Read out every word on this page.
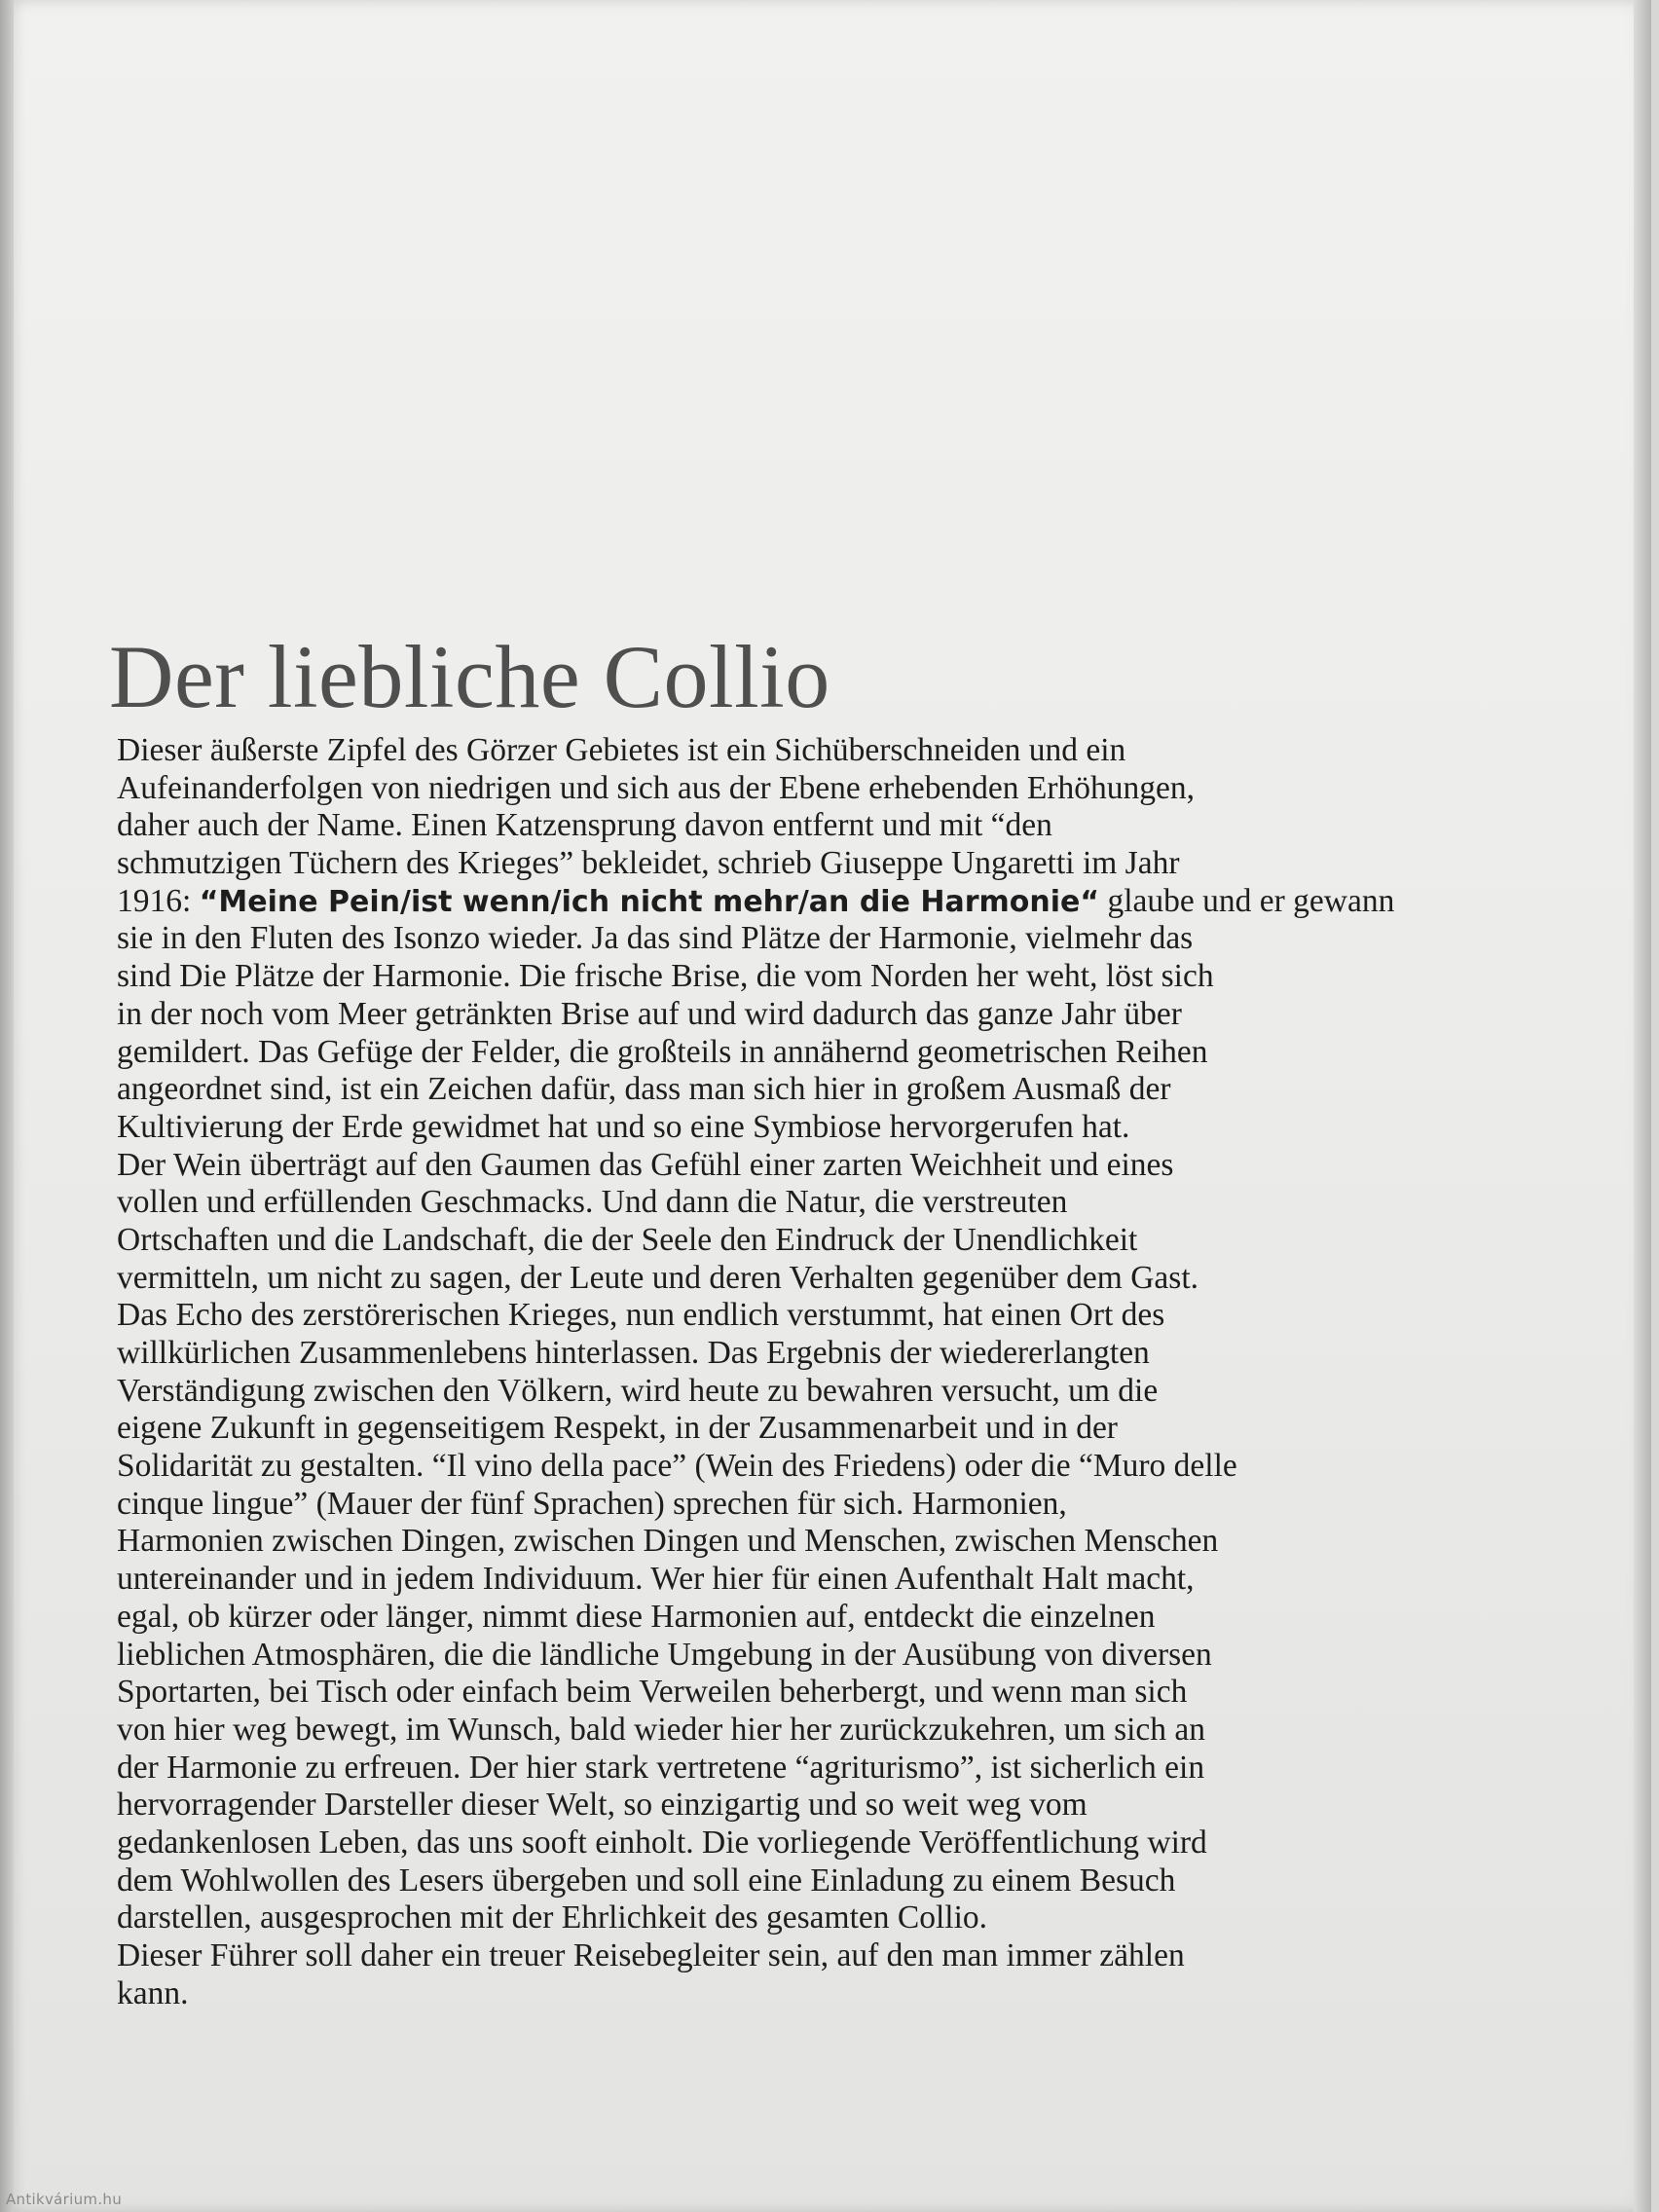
Der liebliche Collio
Dieser äußerste Zipfel des Görzer Gebietes ist ein Sichüberschneiden und ein
Aufeinanderfolgen von niedrigen und sich aus der Ebene erhebenden Erhöhungen,
daher auch der Name. Einen Katzensprung davon entfernt und mit “den
schmutzigen Tüchern des Krieges” bekleidet, schrieb Giuseppe Ungaretti im Jahr
1916: “Meine Pein/ist wenn/ich nicht mehr/an die Harmonie“ glaube und er gewann
sie in den Fluten des Isonzo wieder. Ja das sind Plätze der Harmonie, vielmehr das
sind Die Plätze der Harmonie. Die frische Brise, die vom Norden her weht, löst sich
in der noch vom Meer getränkten Brise auf und wird dadurch das ganze Jahr über
gemildert. Das Gefüge der Felder, die großteils in annähernd geometrischen Reihen
angeordnet sind, ist ein Zeichen dafür, dass man sich hier in großem Ausmaß der
Kultivierung der Erde gewidmet hat und so eine Symbiose hervorgerufen hat.
Der Wein überträgt auf den Gaumen das Gefühl einer zarten Weichheit und eines
vollen und erfüllenden Geschmacks. Und dann die Natur, die verstreuten
Ortschaften und die Landschaft, die der Seele den Eindruck der Unendlichkeit
vermitteln, um nicht zu sagen, der Leute und deren Verhalten gegenüber dem Gast.
Das Echo des zerstörerischen Krieges, nun endlich verstummt, hat einen Ort des
willkürlichen Zusammenlebens hinterlassen. Das Ergebnis der wiedererlangten
Verständigung zwischen den Völkern, wird heute zu bewahren versucht, um die
eigene Zukunft in gegenseitigem Respekt, in der Zusammenarbeit und in der
Solidarität zu gestalten. “Il vino della pace” (Wein des Friedens) oder die “Muro delle
cinque lingue” (Mauer der fünf Sprachen) sprechen für sich. Harmonien,
Harmonien zwischen Dingen, zwischen Dingen und Menschen, zwischen Menschen
untereinander und in jedem Individuum. Wer hier für einen Aufenthalt Halt macht,
egal, ob kürzer oder länger, nimmt diese Harmonien auf, entdeckt die einzelnen
lieblichen Atmosphären, die die ländliche Umgebung in der Ausübung von diversen
Sportarten, bei Tisch oder einfach beim Verweilen beherbergt, und wenn man sich
von hier weg bewegt, im Wunsch, bald wieder hier her zurückzukehren, um sich an
der Harmonie zu erfreuen. Der hier stark vertretene “agriturismo”, ist sicherlich ein
hervorragender Darsteller dieser Welt, so einzigartig und so weit weg vom
gedankenlosen Leben, das uns sooft einholt. Die vorliegende Veröffentlichung wird
dem Wohlwollen des Lesers übergeben und soll eine Einladung zu einem Besuch
darstellen, ausgesprochen mit der Ehrlichkeit des gesamten Collio.
Dieser Führer soll daher ein treuer Reisebegleiter sein, auf den man immer zählen
kann.
Antikvárium.hu
